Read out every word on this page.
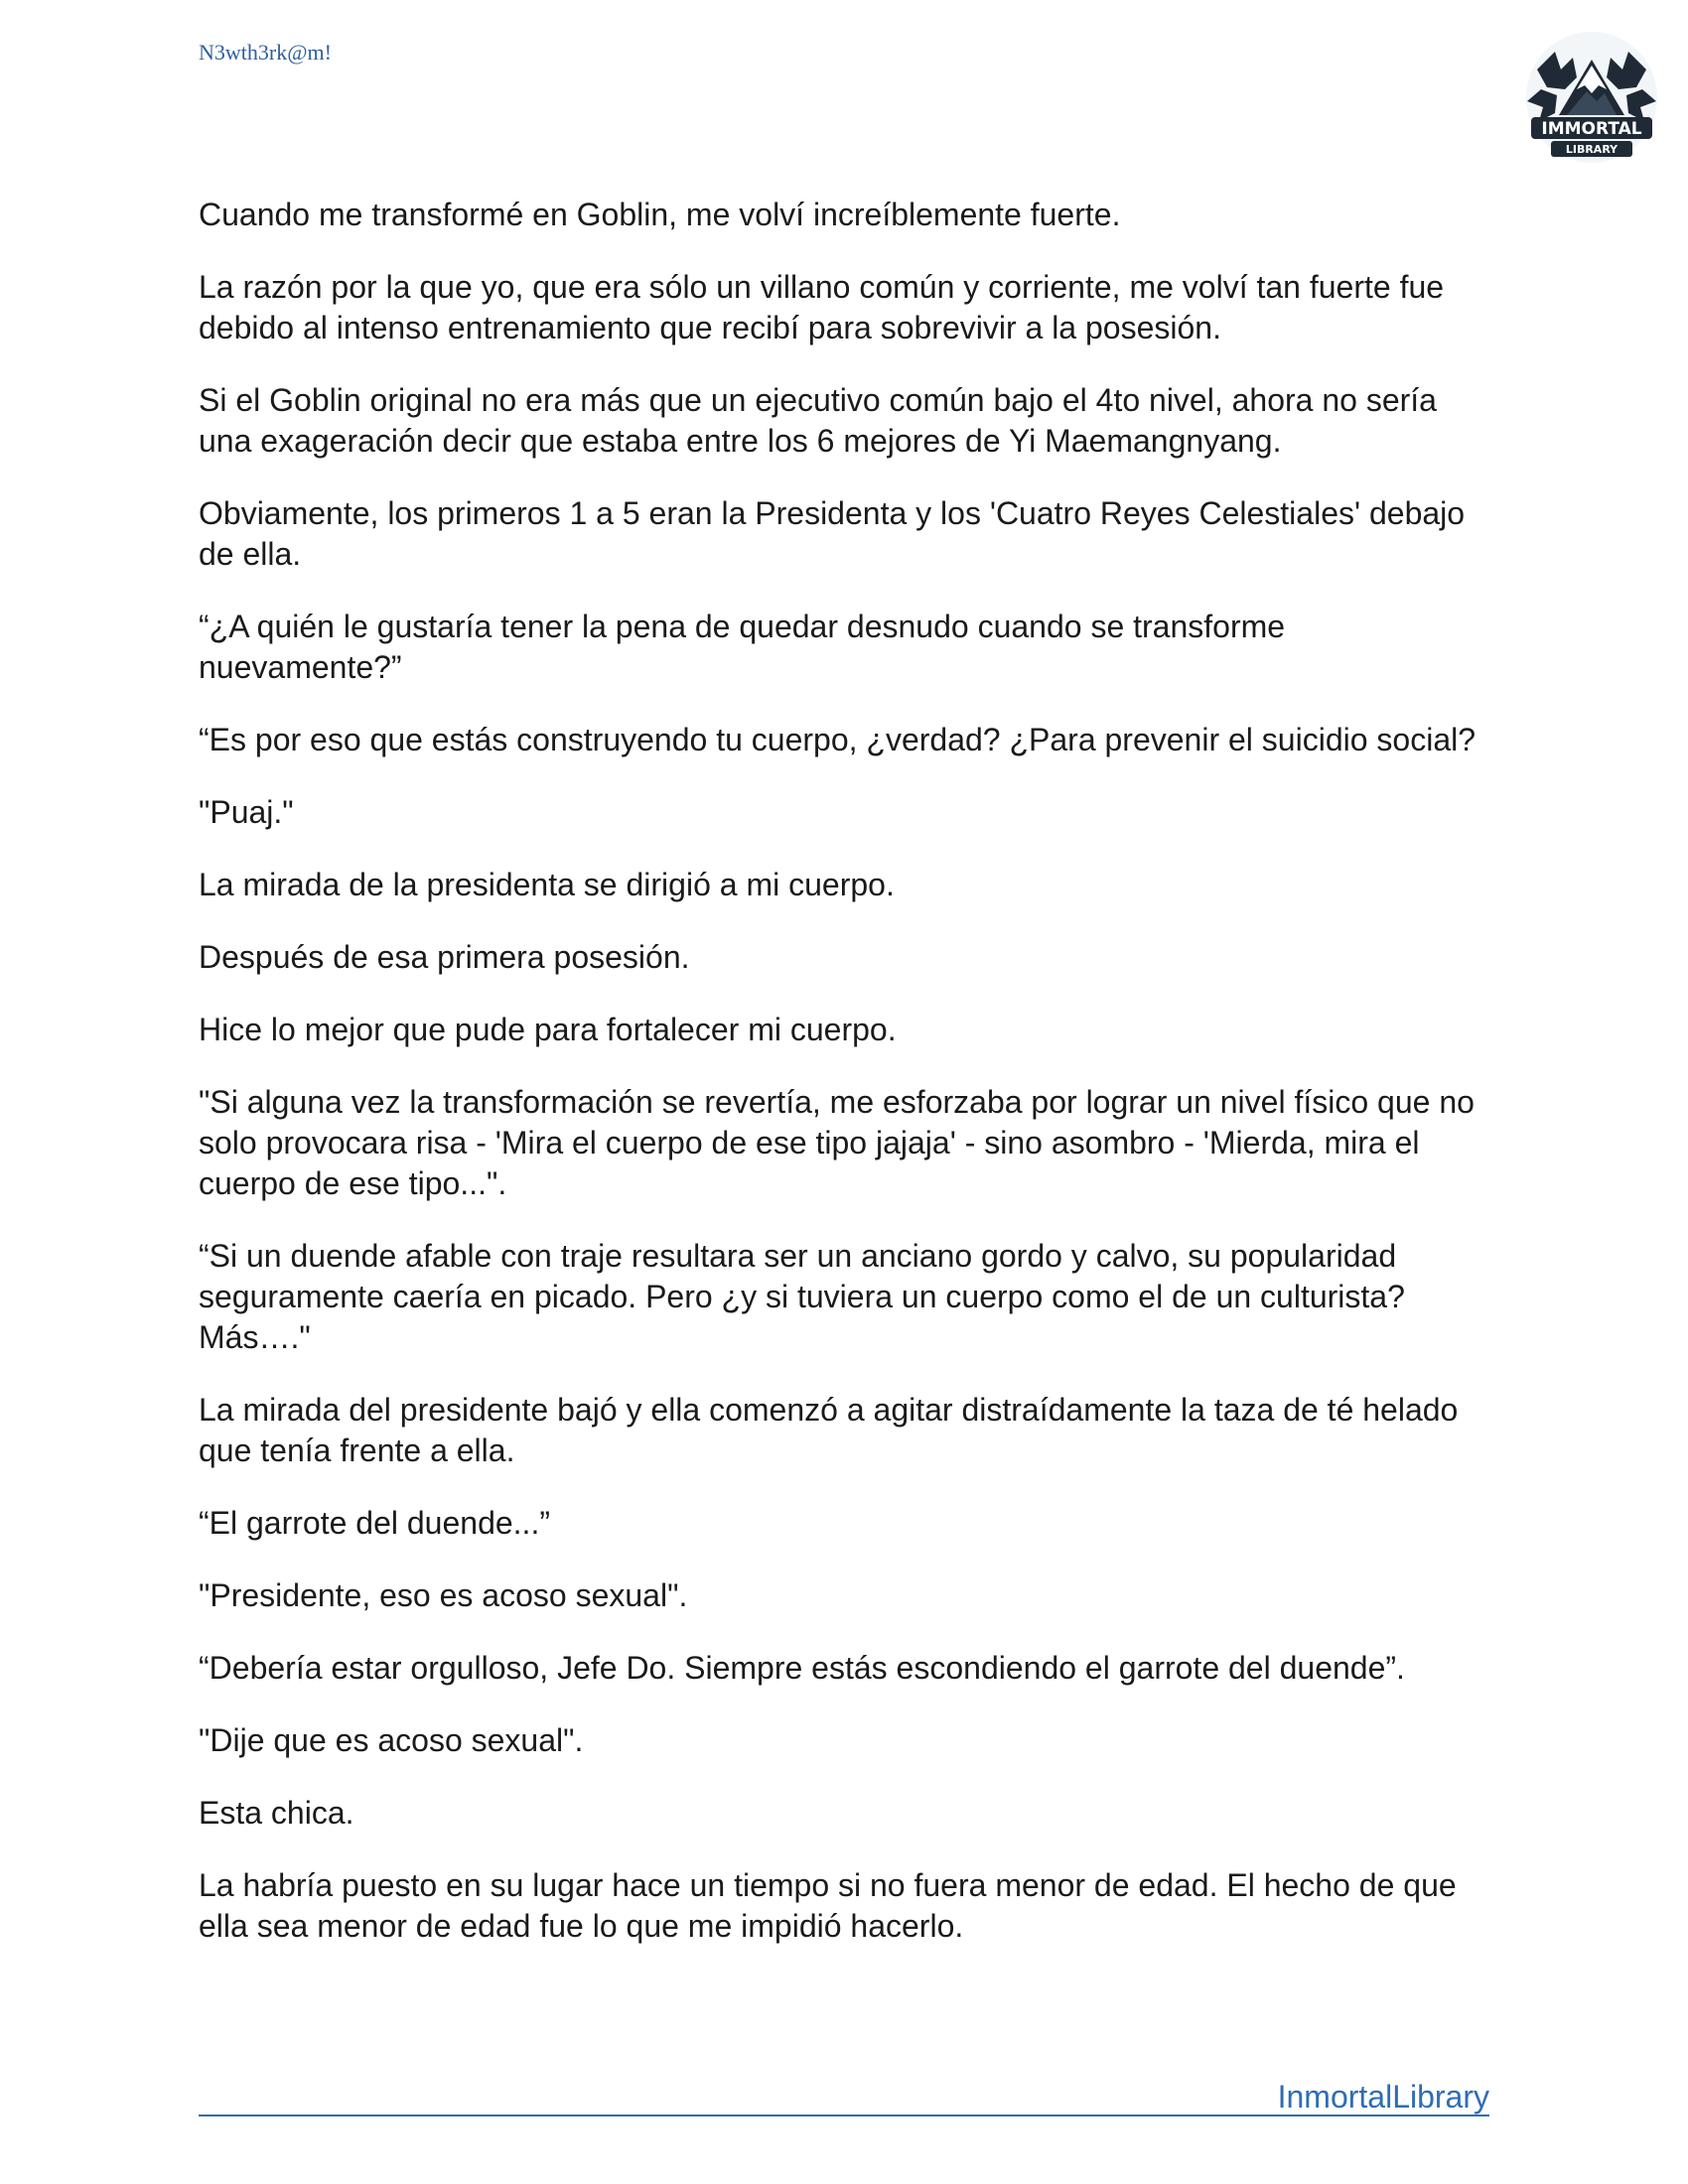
N3wth3rk@m!
IMMORTAL
LIBRARY

Cuando me transformé en Goblin, me volví increíblemente fuerte.

La razón por la que yo, que era sólo un villano común y corriente, me volví tan fuerte fue debido al intenso entrenamiento que recibí para sobrevivir a la posesión.

Si el Goblin original no era más que un ejecutivo común bajo el 4to nivel, ahora no sería una exageración decir que estaba entre los 6 mejores de Yi Maemangnyang.

Obviamente, los primeros 1 a 5 eran la Presidenta y los 'Cuatro Reyes Celestiales' debajo de ella.

“¿A quién le gustaría tener la pena de quedar desnudo cuando se transforme nuevamente?”

“Es por eso que estás construyendo tu cuerpo, ¿verdad? ¿Para prevenir el suicidio social?

"Puaj."

La mirada de la presidenta se dirigió a mi cuerpo.

Después de esa primera posesión.

Hice lo mejor que pude para fortalecer mi cuerpo.

"Si alguna vez la transformación se revertía, me esforzaba por lograr un nivel físico que no solo provocara risa - 'Mira el cuerpo de ese tipo jajaja' - sino asombro - 'Mierda, mira el cuerpo de ese tipo...".

“Si un duende afable con traje resultara ser un anciano gordo y calvo, su popularidad seguramente caería en picado. Pero ¿y si tuviera un cuerpo como el de un culturista? Más…."

La mirada del presidente bajó y ella comenzó a agitar distraídamente la taza de té helado que tenía frente a ella.

“El garrote del duende...”

"Presidente, eso es acoso sexual".

“Debería estar orgulloso, Jefe Do. Siempre estás escondiendo el garrote del duende”.

"Dije que es acoso sexual".

Esta chica.

La habría puesto en su lugar hace un tiempo si no fuera menor de edad. El hecho de que ella sea menor de edad fue lo que me impidió hacerlo.

InmortalLibrary
